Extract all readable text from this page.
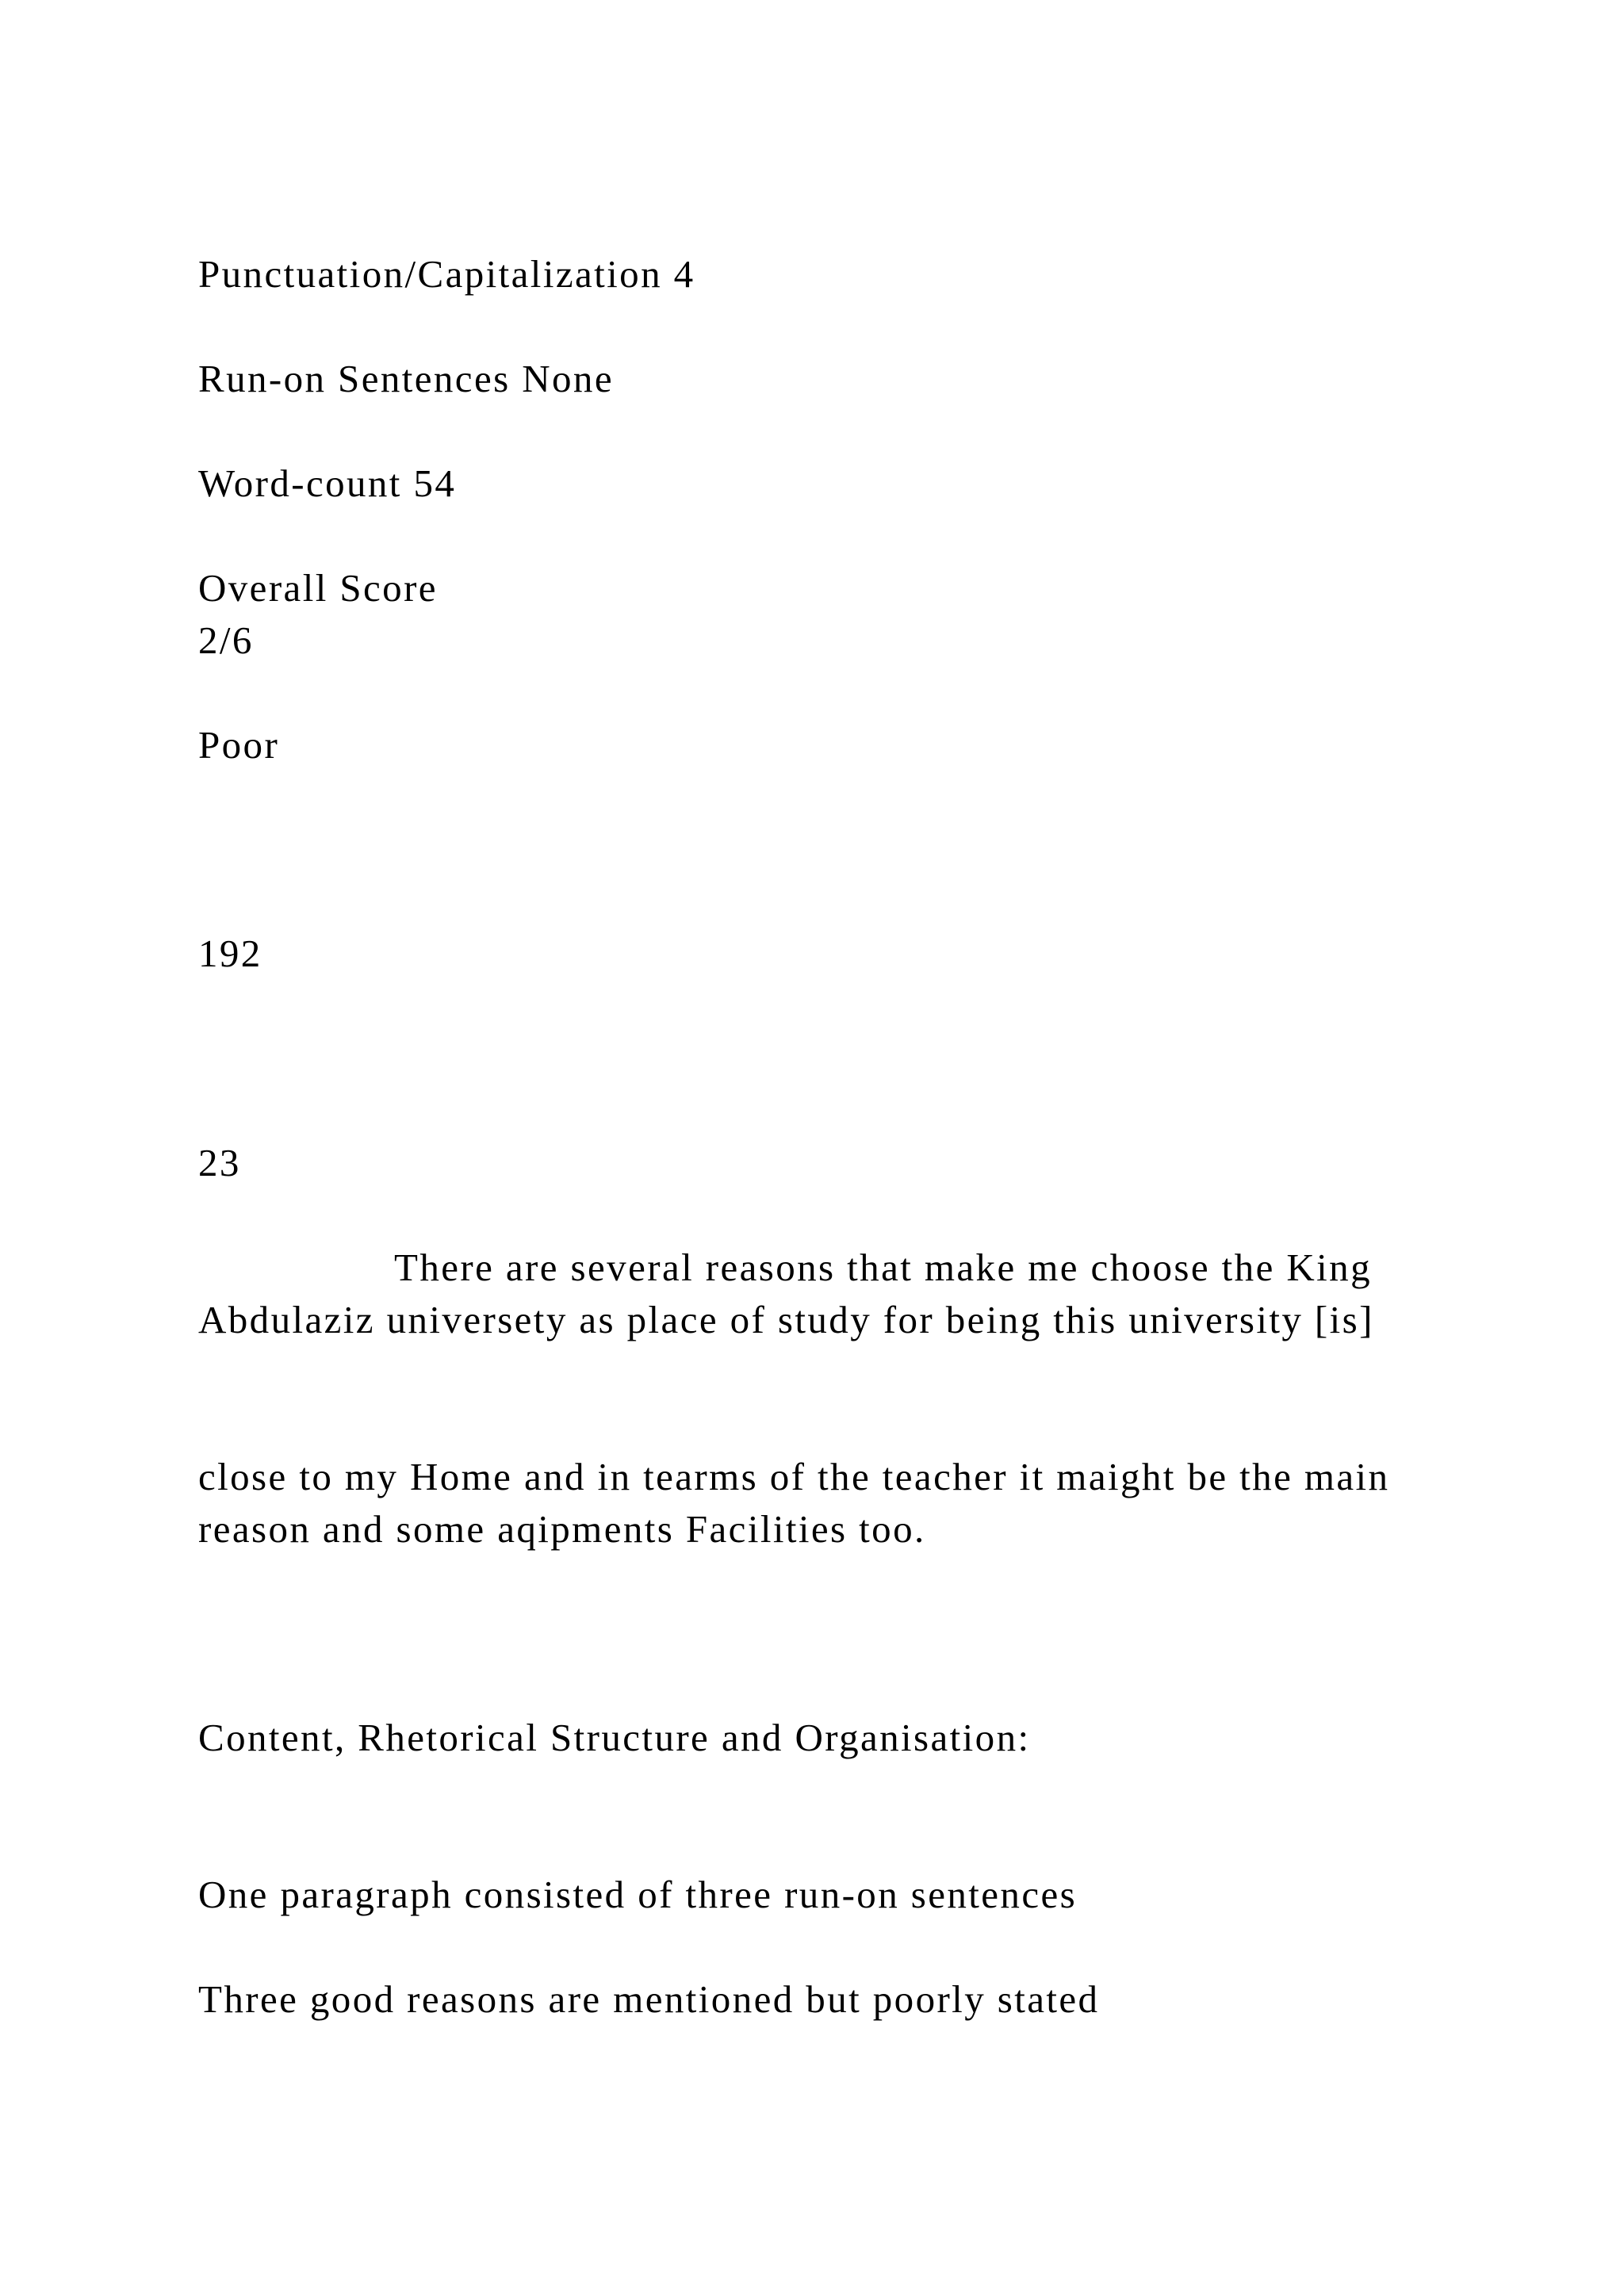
Punctuation/Capitalization 4

Run-on Sentences None

Word-count 54

Overall Score

2/6

Poor

192

23

There are several reasons that make me choose the King Abdulaziz universety as place of study for being this university [is]

close to my Home and in tearms of the teacher it maight be the main reason and some aqipments Facilities too.

Content, Rhetorical Structure and Organisation:

One paragraph consisted of three run-on sentences

Three good reasons are mentioned but poorly stated
